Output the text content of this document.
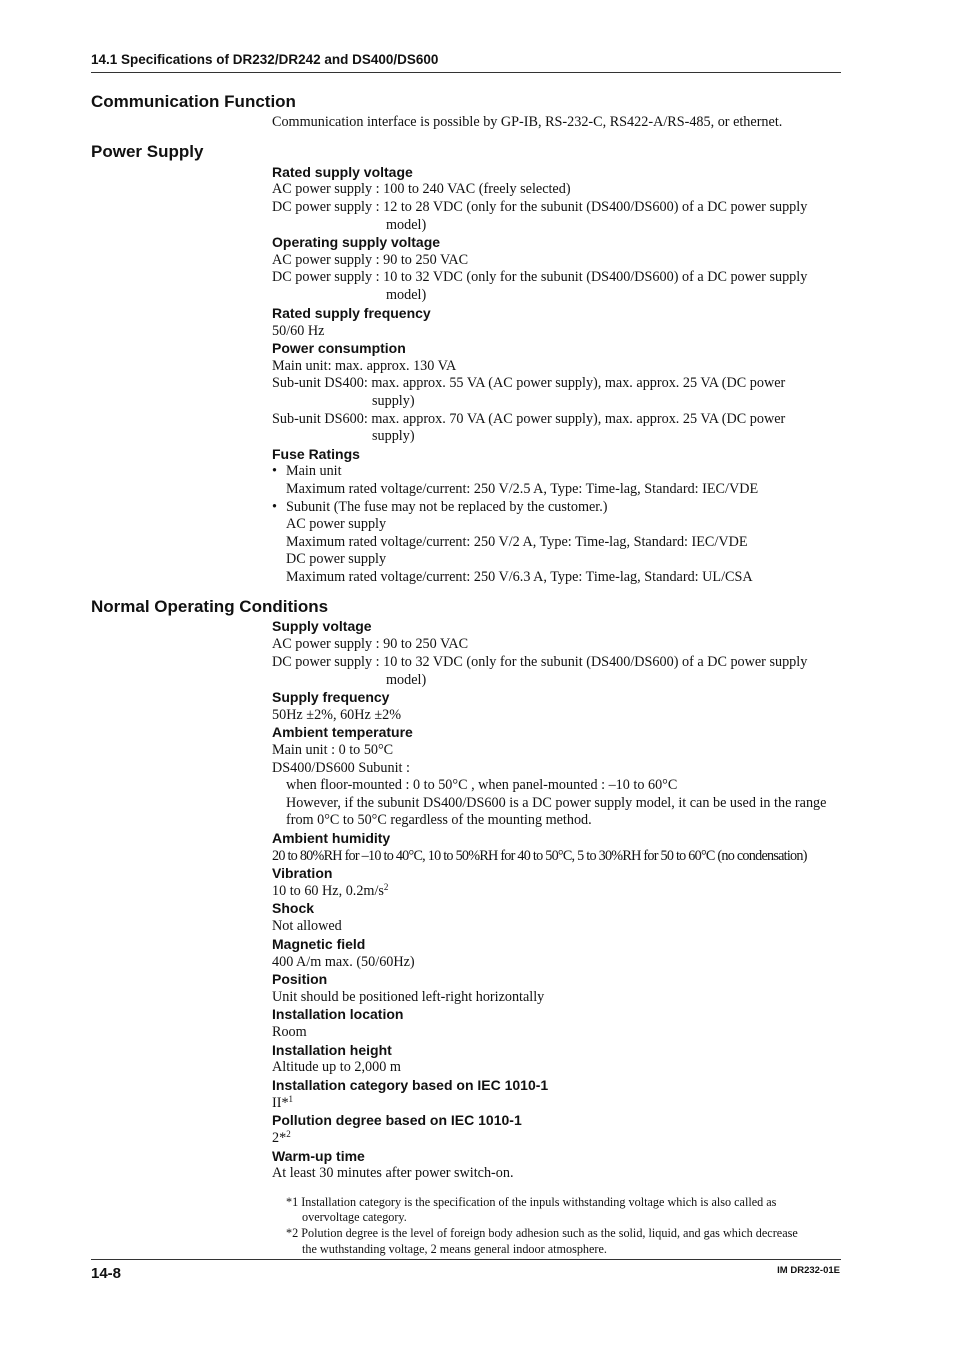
14.1 Specifications of DR232/DR242 and DS400/DS600
Communication Function
Communication interface is possible by GP-IB, RS-232-C, RS422-A/RS-485, or ethernet.
Power Supply
Rated supply voltage
AC power supply : 100 to 240 VAC (freely selected)
DC power supply : 12 to 28 VDC (only for the subunit (DS400/DS600) of a DC power supply
model)
Operating supply voltage
AC power supply : 90 to 250 VAC
DC power supply : 10 to 32 VDC (only for the subunit (DS400/DS600) of a DC power supply
model)
Rated supply frequency
50/60 Hz
Power consumption
Main unit: max. approx. 130 VA
Sub-unit DS400: max. approx. 55 VA (AC power supply), max. approx. 25 VA (DC power
supply)
Sub-unit DS600: max. approx. 70 VA (AC power supply), max. approx. 25 VA (DC power
supply)
Fuse Ratings
• Main unit
Maximum rated voltage/current: 250 V/2.5 A, Type: Time-lag, Standard: IEC/VDE
• Subunit (The fuse may not be replaced by the customer.)
AC power supply
Maximum rated voltage/current: 250 V/2 A, Type: Time-lag, Standard: IEC/VDE
DC power supply
Maximum rated voltage/current: 250 V/6.3 A, Type: Time-lag, Standard: UL/CSA
Normal Operating Conditions
Supply voltage
AC power supply : 90 to 250 VAC
DC power supply : 10 to 32 VDC (only for the subunit (DS400/DS600) of a DC power supply
model)
Supply frequency
50Hz ±2%, 60Hz ±2%
Ambient temperature
Main unit : 0 to 50°C
DS400/DS600 Subunit :
when floor-mounted : 0 to 50°C , when panel-mounted : –10 to 60°C
However, if the subunit DS400/DS600 is a DC power supply model, it can be used in the range
from 0°C to 50°C regardless of the mounting method.
Ambient humidity
20 to 80%RH for –10 to 40°C, 10 to 50%RH for 40 to 50°C, 5 to 30%RH for 50 to 60°C (no condensation)
Vibration
10 to 60 Hz, $0.2m/s^2$
Shock
Not allowed
Magnetic field
400 A/m max. (50/60Hz)
Position
Unit should be positioned left-right horizontally
Installation location
Room
Installation height
Altitude up to 2,000 m
Installation category based on IEC 1010-1
II*$^1$
Pollution degree based on IEC 1010-1
2*$^2$
Warm-up time
At least 30 minutes after power switch-on.
*1 Installation category is the specification of the inpuls withstanding voltage which is also called as
overvoltage category.
*2 Polution degree is the level of foreign body adhesion such as the solid, liquid, and gas which decrease
the wuthstanding voltage, 2 means general indoor atmosphere.
14-8	IM DR232-01E
